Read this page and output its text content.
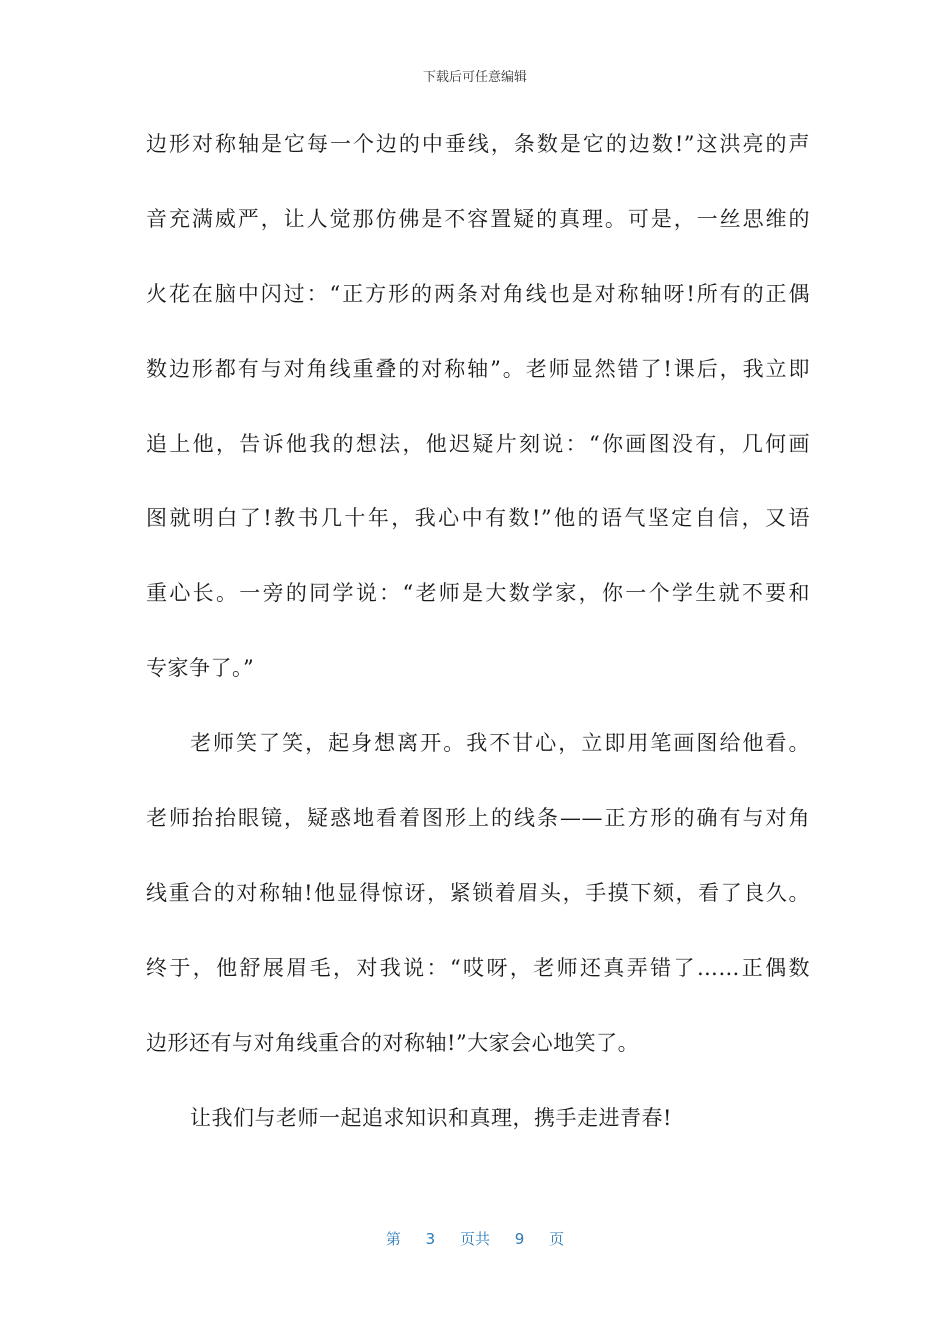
下载后可任意编辑
边形对称轴是它每一个边的中垂线，条数是它的边数!”这洪亮的声
音充满威严，让人觉那仿佛是不容置疑的真理。可是，一丝思维的
火花在脑中闪过：“正方形的两条对角线也是对称轴呀!所有的正偶
数边形都有与对角线重叠的对称轴”。老师显然错了!课后，我立即
追上他，告诉他我的想法，他迟疑片刻说：“你画图没有，几何画
图就明白了!教书几十年，我心中有数!”他的语气坚定自信，又语
重心长。一旁的同学说：“老师是大数学家，你一个学生就不要和
专家争了。”
老师笑了笑，起身想离开。我不甘心，立即用笔画图给他看。
老师抬抬眼镜，疑惑地看着图形上的线条——正方形的确有与对角
线重合的对称轴!他显得惊讶，紧锁着眉头，手摸下颏，看了良久。
终于，他舒展眉毛，对我说：“哎呀，老师还真弄错了……正偶数
边形还有与对角线重合的对称轴!”大家会心地笑了。
让我们与老师一起追求知识和真理，携手走进青春!
第 3 页共 9 页
